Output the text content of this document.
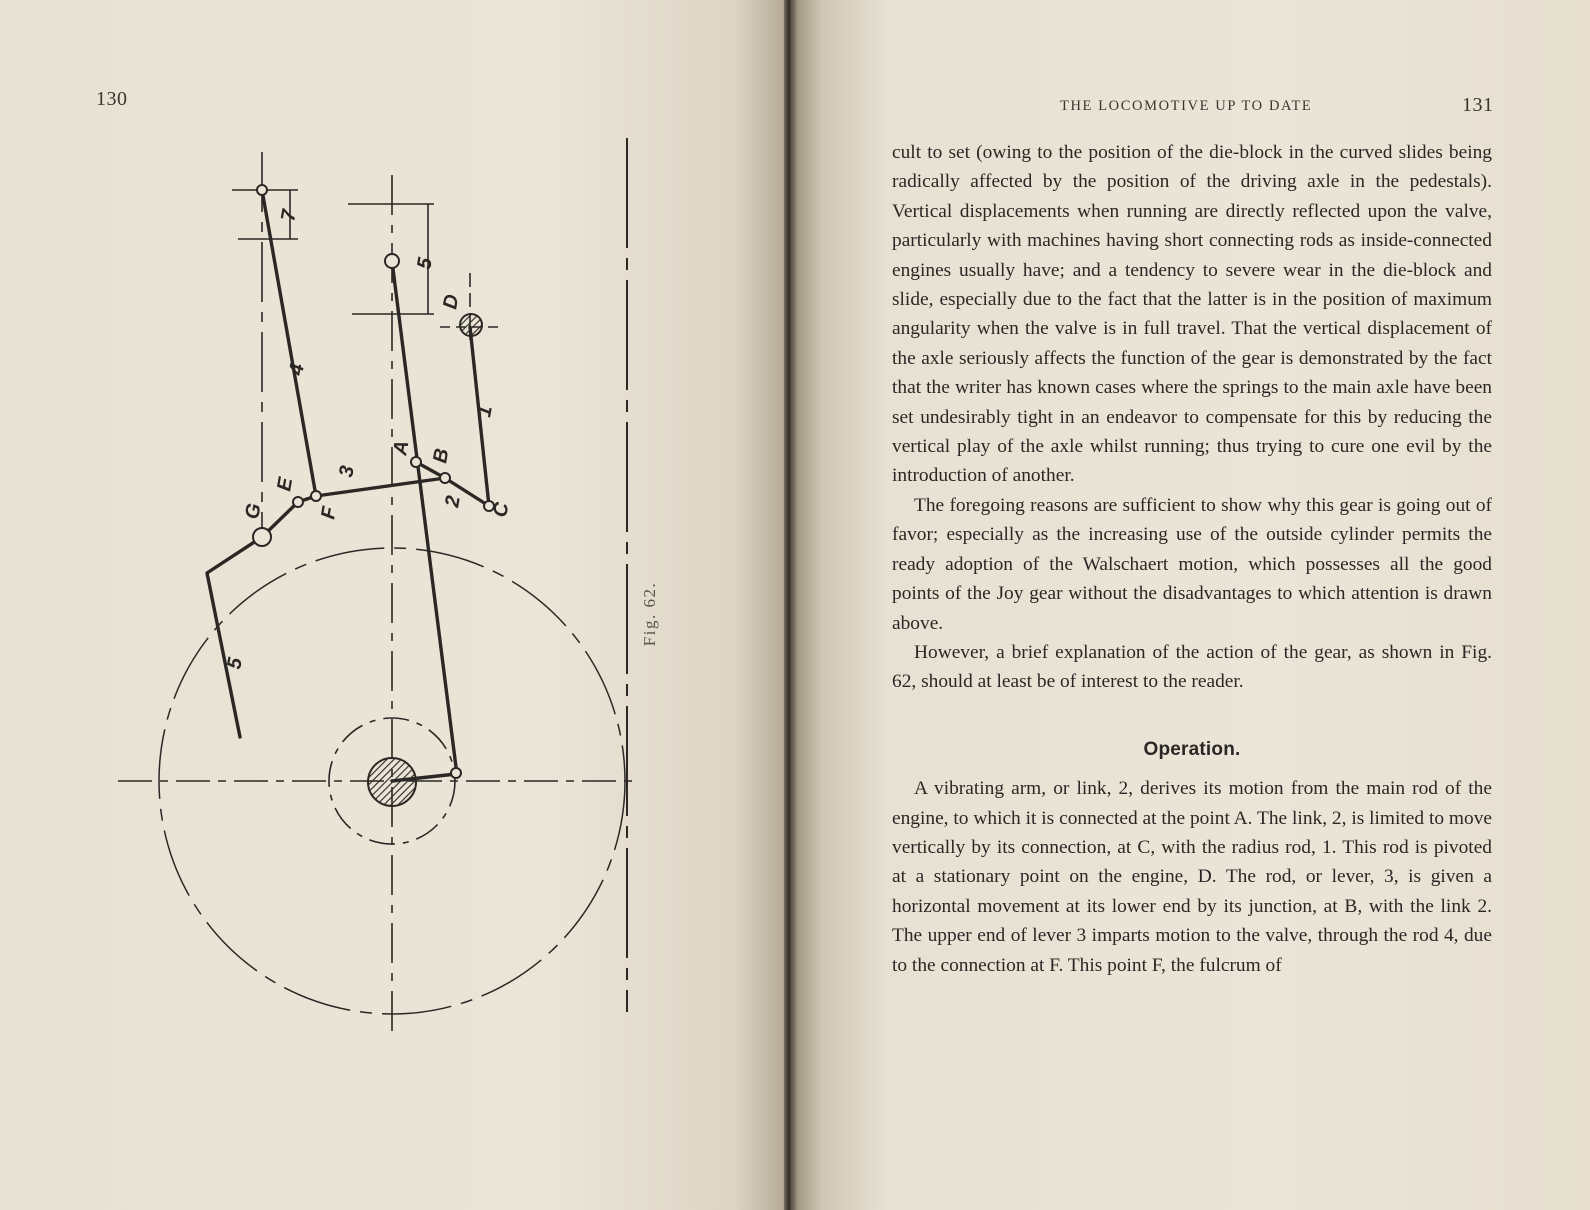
130
4
3
1
2
5
5
7
A B
C
D
E
F
G
Fig. 62.
THE LOCOMOTIVE UP TO DATE	131

cult to set (owing to the position of the die-block in the curved slides being radically affected by the position of the driving axle in the pedestals). Vertical displacements when running are directly reflected upon the valve, particularly with machines having short connecting rods as inside-connected engines usually have; and a tendency to severe wear in the die-block and slide, especially due to the fact that the latter is in the position of maximum angularity when the valve is in full travel. That the vertical displacement of the axle seriously affects the function of the gear is demonstrated by the fact that the writer has known cases where the springs to the main axle have been set undesirably tight in an endeavor to compensate for this by reducing the vertical play of the axle whilst running; thus trying to cure one evil by the introduction of another.

The foregoing reasons are sufficient to show why this gear is going out of favor; especially as the increasing use of the outside cylinder permits the ready adoption of the Walschaert motion, which possesses all the good points of the Joy gear without the disadvantages to which attention is drawn above.

However, a brief explanation of the action of the gear, as shown in Fig. 62, should at least be of interest to the reader.

Operation.

A vibrating arm, or link, 2, derives its motion from the main rod of the engine, to which it is connected at the point A. The link, 2, is limited to move vertically by its connection, at C, with the radius rod, 1. This rod is pivoted at a stationary point on the engine, D. The rod, or lever, 3, is given a horizontal movement at its lower end by its junction, at B, with the link 2. The upper end of lever 3 imparts motion to the valve, through the rod 4, due to the connection at F. This point F, the fulcrum of
